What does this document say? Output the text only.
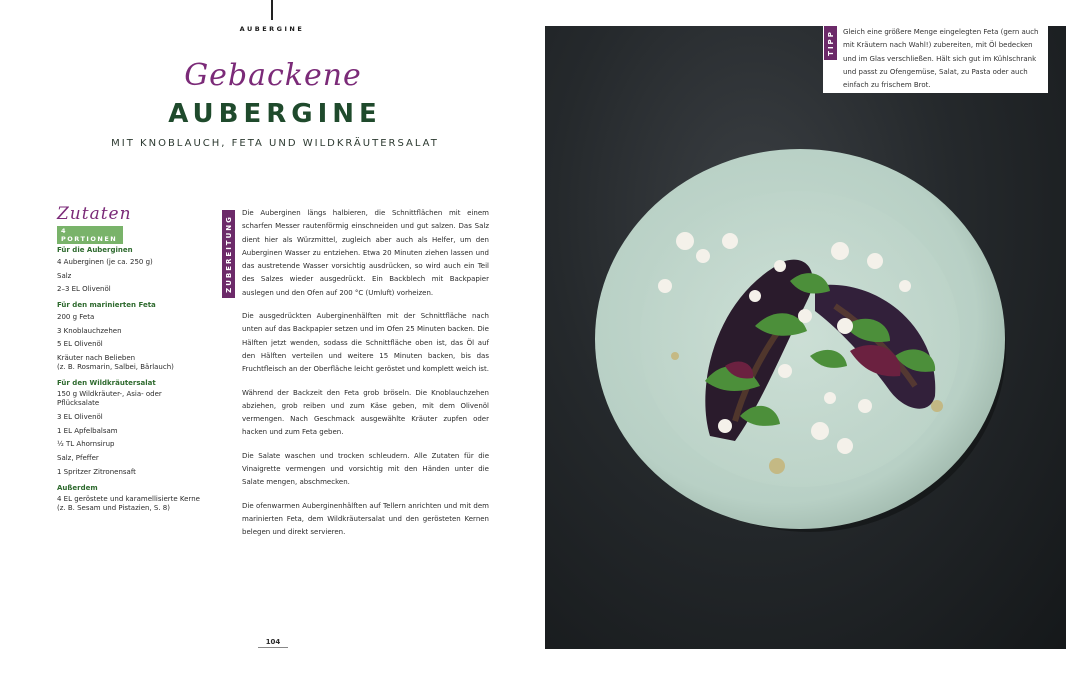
AUBERGINE
Gebackene
AUBERGINE
MIT KNOBLAUCH, FETA UND WILDKRÄUTERSALAT
Zutaten
4 PORTIONEN
Für die Auberginen
4 Auberginen (je ca. 250 g)
Salz
2–3 EL Olivenöl
Für den marinierten Feta
200 g Feta
3 Knoblauchzehen
5 EL Olivenöl
Kräuter nach Belieben
(z. B. Rosmarin, Salbei, Bärlauch)
Für den Wildkräutersalat
150 g Wildkräuter-, Asia- oder
Pflücksalate
3 EL Olivenöl
1 EL Apfelbalsam
½ TL Ahornsirup
Salz, Pfeffer
1 Spritzer Zitronensaft
Außerdem
4 EL geröstete und karamellisierte Kerne
(z. B. Sesam und Pistazien, S. 8)
ZUBEREITUNG

Die Auberginen längs halbieren, die Schnittflächen mit einem scharfen Messer rautenförmig einschneiden und gut salzen. Das Salz dient hier als Würzmittel, zugleich aber auch als Helfer, um den Auberginen Wasser zu entziehen. Etwa 20 Minuten ziehen lassen und das austretende Wasser vorsichtig ausdrücken, so wird auch ein Teil des Salzes wieder ausgedrückt. Ein Backblech mit Backpapier auslegen und den Ofen auf 200 °C (Umluft) vorheizen.

Die ausgedrückten Auberginenhälften mit der Schnittfläche nach unten auf das Backpapier setzen und im Ofen 25 Minuten backen. Die Hälften jetzt wenden, sodass die Schnittfläche oben ist, das Öl auf den Hälften verteilen und weitere 15 Minuten backen, bis das Fruchtfleisch an der Oberfläche leicht geröstet und komplett weich ist.

Während der Backzeit den Feta grob bröseln. Die Knoblauchzehen abziehen, grob reiben und zum Käse geben, mit dem Olivenöl vermengen. Nach Geschmack ausgewählte Kräuter zupfen oder hacken und zum Feta geben.

Die Salate waschen und trocken schleudern. Alle Zutaten für die Vinaigrette vermengen und vorsichtig mit den Händen unter die Salate mengen, abschmecken.

Die ofenwarmen Auberginenhälften auf Tellern anrichten und mit dem marinierten Feta, dem Wildkräutersalat und den gerösteten Kernen belegen und direkt servieren.

104
TIPP Gleich eine größere Menge eingelegten Feta (gern auch mit Kräutern nach Wahl!) zubereiten, mit Öl bedecken und im Glas verschließen. Hält sich gut im Kühlschrank und passt zu Ofengemüse, Salat, zu Pasta oder auch einfach zu frischem Brot.
